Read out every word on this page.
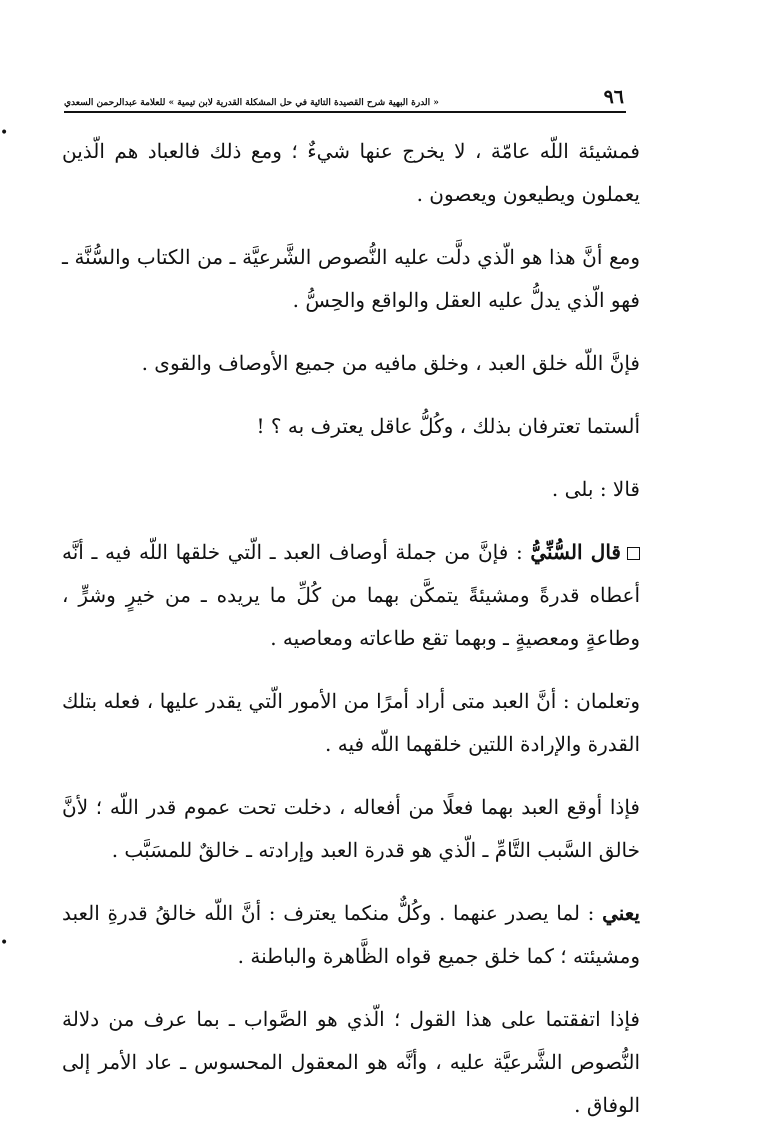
٩٦
« الدرة البهية شرح القصيدة التائية في حل المشكلة القدرية لابن تيمية » للعلامة عبدالرحمن السعدي

فمشيئة اللّه عامّة ، لا يخرج عنها شيءٌ ؛ ومع ذلك فالعباد هم الّذين يعملون ويطيعون ويعصون .

ومع أنَّ هذا هو الّذي دلَّت عليه النُّصوص الشَّرعيَّة ـ من الكتاب والسُّنَّة ـ فهو الّذي يدلُّ عليه العقل والواقع والحِسُّ .

فإنَّ اللّه خلق العبد ، وخلق مافيه من جميع الأوصاف والقوى .

ألستما تعترفان بذلك ، وكُلُّ عاقل يعترف به ؟ !

قالا : بلى .

قال السُّنِّيُّ : فإنَّ من جملة أوصاف العبد ـ الّتي خلقها اللّه فيه ـ أنَّه أعطاه قدرةً ومشيئةً يتمكَّن بهما من كُلِّ ما يريده ـ من خيرٍ وشرٍّ ، وطاعةٍ ومعصيةٍ ـ وبهما تقع طاعاته ومعاصيه .

وتعلمان : أنَّ العبد متى أراد أمرًا من الأمور الّتي يقدر عليها ، فعله بتلك القدرة والإرادة اللتين خلقهما اللّه فيه .

فإذا أوقع العبد بهما فعلًا من أفعاله ، دخلت تحت عموم قدر اللّه ؛ لأنَّ خالق السَّبب التَّامِّ ـ الّذي هو قدرة العبد وإرادته ـ خالقٌ للمسَبَّب .

يعني : لما يصدر عنهما . وكُلٌّ منكما يعترف : أنَّ اللّه خالقُ قدرةِ العبد ومشيئته ؛ كما خلق جميع قواه الظَّاهرة والباطنة .

فإذا اتفقتما على هذا القول ؛ الّذي هو الصَّواب ـ بما عرف من دلالة النُّصوص الشَّرعيَّة عليه ، وأنَّه هو المعقول المحسوس ـ عاد الأمر إلى الوفاق .

•
•
